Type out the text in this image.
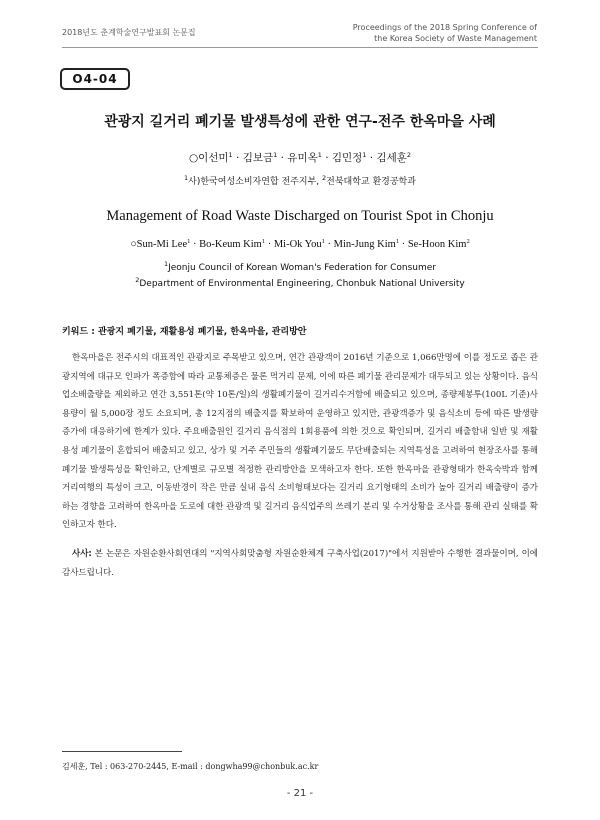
2018년도 춘계학술연구발표회 논문집
Proceedings of the 2018 Spring Conference of
the Korea Society of Waste Management
O4-04
관광지 길거리 폐기물 발생특성에 관한 연구-전주 한옥마을 사례
○이선미$^1$ · 김보금$^1$ · 유미옥$^1$ · 김민정$^1$ · 김세훈$^2$
$^1$사)한국여성소비자연합 전주지부, $^2$전북대학교 환경공학과
Management of Road Waste Discharged on Tourist Spot in Chonju
○Sun-Mi Lee$^1$ · Bo-Keum Kim$^1$ · Mi-Ok You$^1$ · Min-Jung Kim$^1$ · Se-Hoon Kim$^2$
$^1$Jeonju Council of Korean Woman's Federation for Consumer
$^2$Department of Environmental Engineering, Chonbuk National University
키워드 : 관광지 폐기물, 재활용성 폐기물, 한옥마을, 관리방안
한옥마을은 전주시의 대표적인 관광지로 주목받고 있으며, 연간 관광객이 2016년 기준으로 1,066만명에 이를 정도로 좁은 관광지역에 대규모 인파가 폭증함에 따라 교통체증은 물론 먹거리 문제, 이에 따른 폐기물 관리문제가 대두되고 있는 상황이다. 음식업소배출량을 제외하고 연간 3,551톤(약 10톤/일)의 생활폐기물이 길거리수거함에 배출되고 있으며, 종량제봉투(100L 기준)사용량이 월 5,000장 정도 소요되며, 총 12지점의 배출지를 확보하여 운영하고 있지만, 관광객증가 및 음식소비 등에 따른 발생량 증가에 대응하기에 한계가 있다. 주요배출원인 길거리 음식점의 1회용품에 의한 것으로 확인되며, 길거리 배출함내 일반 및 재활용성 폐기물이 혼합되어 배출되고 있고, 상가 및 거주 주민들의 생활폐기물도 무단배출되는 지역특성을 고려하여 현장조사를 통해 폐기물 발생특성을 확인하고, 단계별로 규모별 적정한 관리방안을 모색하고자 한다. 또한 한옥마을 관광형태가 한옥숙박과 함께 거리여행의 특성이 크고, 이동반경이 작은 만큼 실내 음식 소비형태보다는 길거리 요기형태의 소비가 높아 길거리 배출량이 증가하는 경향을 고려하여 한옥마을 도로에 대한 관광객 및 길거리 음식업주의 쓰레기 분리 및 수거상황을 조사를 통해 관리 실태를 확인하고자 한다.
사사: 본 논문은 자원순환사회연대의 "지역사회맞춤형 자원순환체계 구축사업(2017)"에서 지원받아 수행한 결과물이며, 이에 감사드립니다.
김세훈, Tel : 063-270-2445, E-mail : dongwha99@chonbuk.ac.kr
- 21 -
